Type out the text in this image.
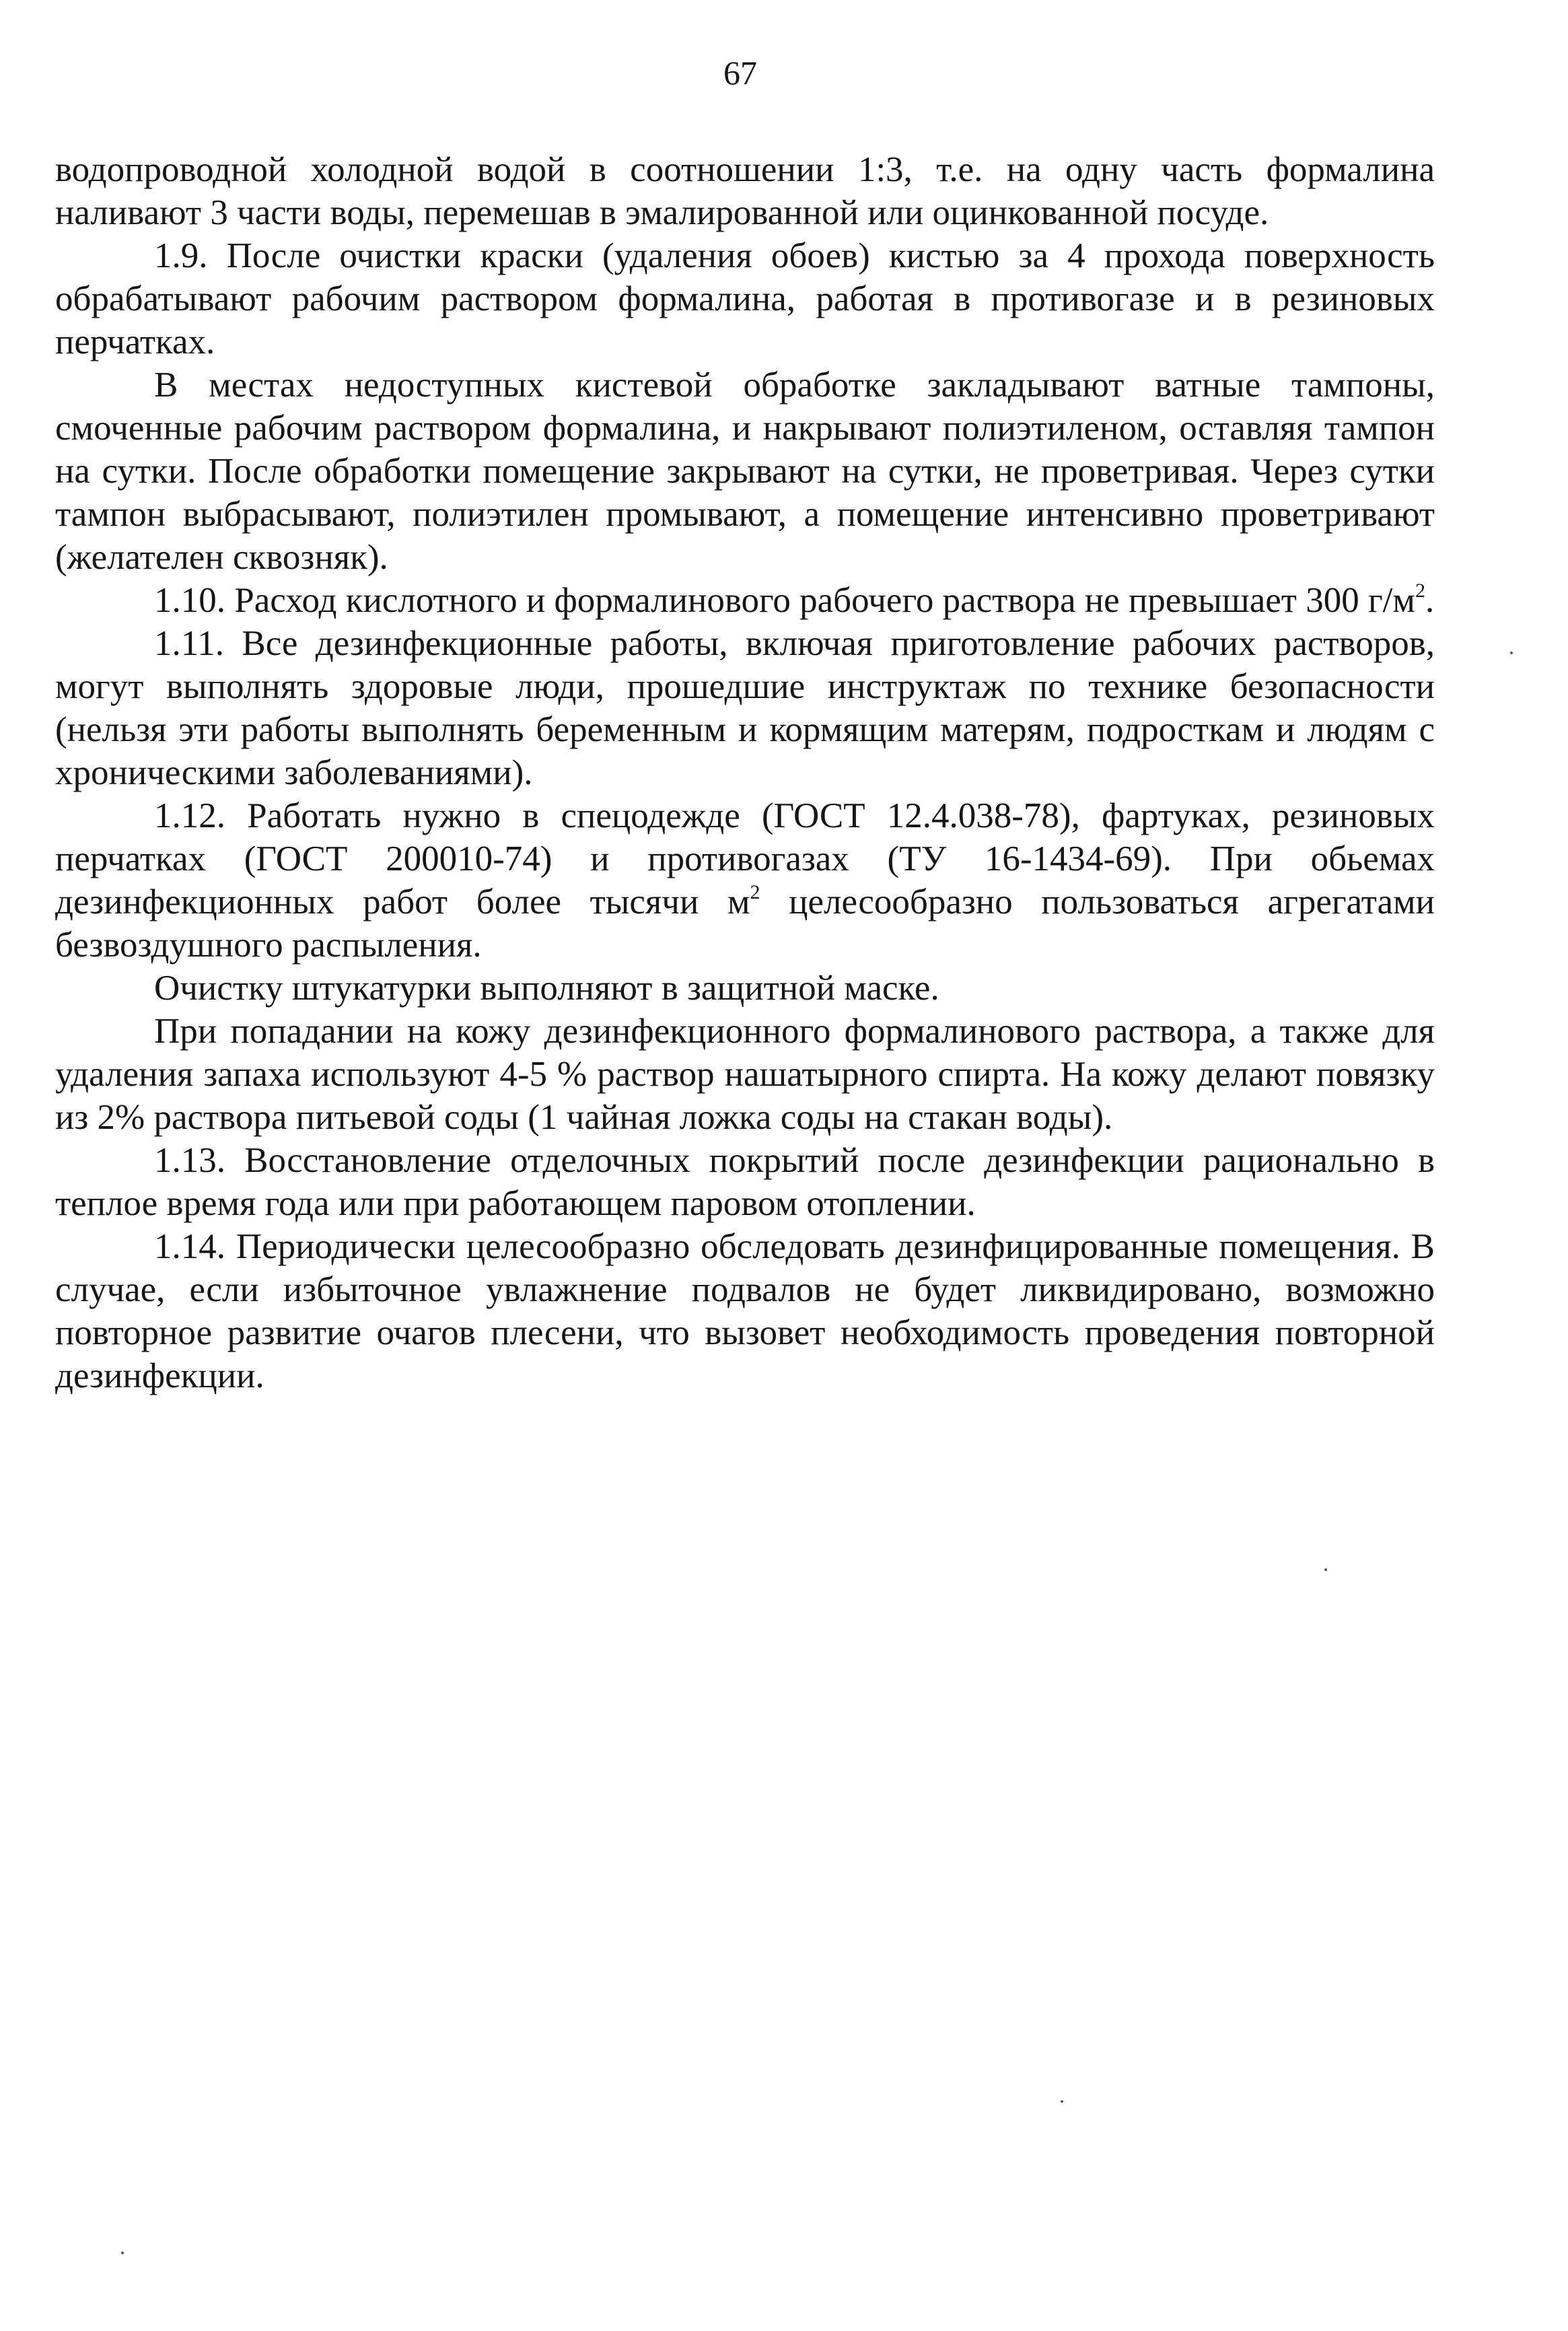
67

водопроводной холодной водой в соотношении 1:3, т.е. на одну часть формалина наливают 3 части воды, перемешав в эмалированной или оцинкованной посуде.

1.9. После очистки краски (удаления обоев) кистью за 4 прохода поверхность обрабатывают рабочим раствором формалина, работая в противогазе и в резиновых перчатках.

В местах недоступных кистевой обработке закладывают ватные тампоны, смоченные рабочим раствором формалина, и накрывают полиэтиленом, оставляя тампон на сутки. После обработки помещение закрывают на сутки, не проветривая. Через сутки тампон выбрасывают, полиэтилен промывают, а помещение интенсивно проветривают (желателен сквозняк).

1.10. Расход кислотного и формалинового рабочего раствора не превышает 300 $г/м^2$.

1.11. Все дезинфекционные работы, включая приготовление рабочих растворов, могут выполнять здоровые люди, прошедшие инструктаж по технике безопасности (нельзя эти работы выполнять беременным и кормящим матерям, подросткам и людям с хроническими заболеваниями).

1.12. Работать нужно в спецодежде (ГОСТ 12.4.038-78), фартуках, резиновых перчатках (ГОСТ 200010-74) и противогазах (ТУ 16-1434-69). При обьемах дезинфекционных работ более тысячи $м^2$ целесообразно пользоваться агрегатами безвоздушного распыления.

Очистку штукатурки выполняют в защитной маске.

При попадании на кожу дезинфекционного формалинового раствора, а также для удаления запаха используют 4-5 % раствор нашатырного спирта. На кожу делают повязку из 2% раствора питьевой соды (1 чайная ложка соды на стакан воды).

1.13. Восстановление отделочных покрытий после дезинфекции рационально в теплое время года или при работающем паровом отоплении.

1.14. Периодически целесообразно обследовать дезинфицированные помещения. В случае, если избыточное увлажнение подвалов не будет ликвидировано, возможно повторное развитие очагов плесени, что вызовет необходимость проведения повторной дезинфекции.
